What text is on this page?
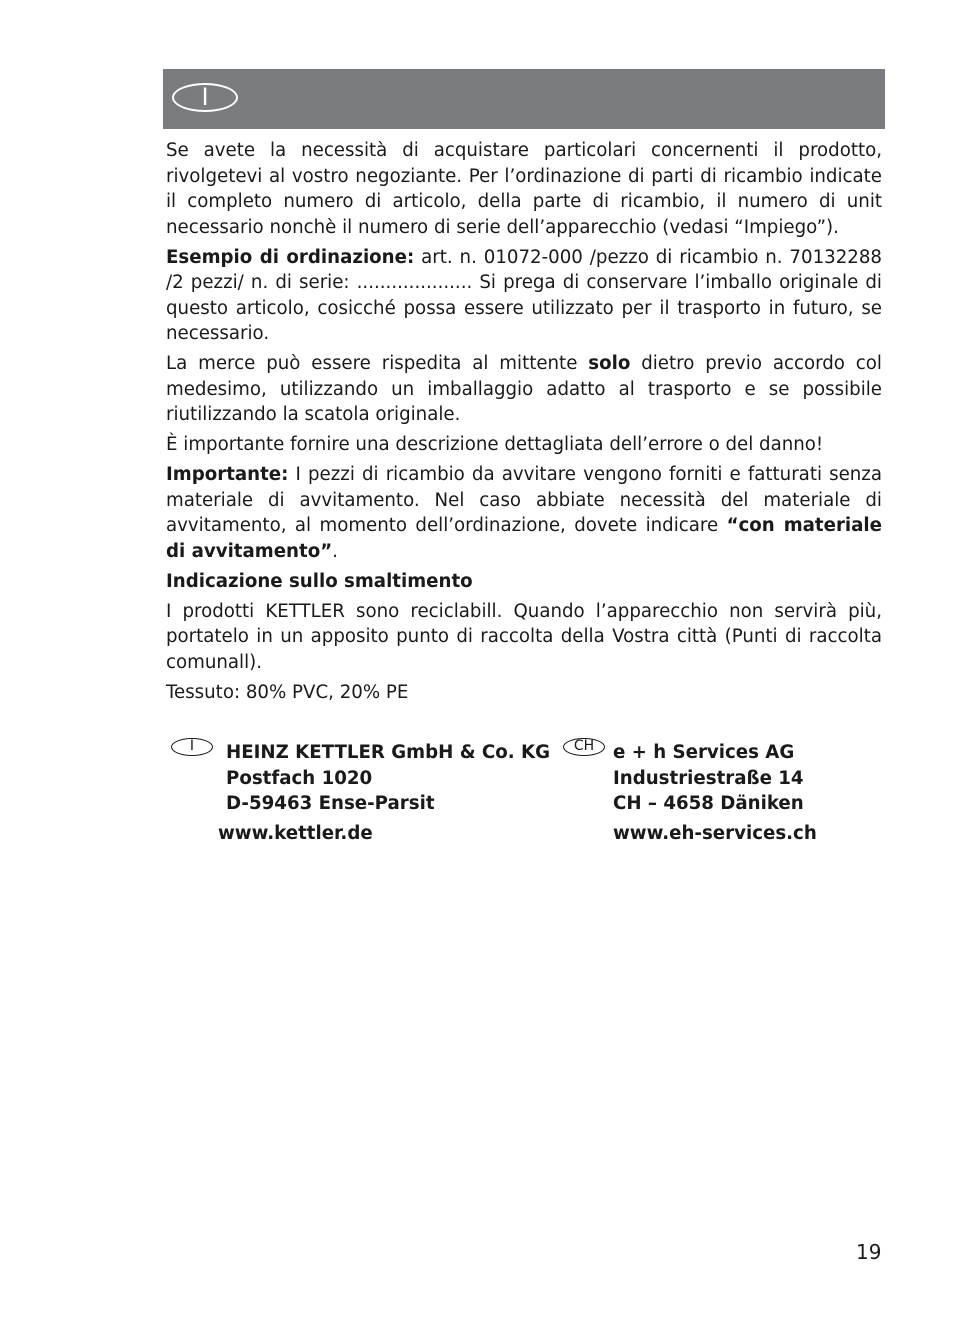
I

Se avete la necessità di acquistare particolari concernenti il prodotto, rivolgetevi al vostro negoziante. Per l’ordinazione di parti di ricambio indicate il completo numero di articolo, della parte di ricambio, il numero di unit necessario nonchè il numero di serie dell’apparecchio (vedasi “Impiego”).

Esempio di ordinazione: art. n. 01072-000 /pezzo di ricambio n. 70132288 /2 pezzi/ n. di serie: .................... Si prega di conservare l’imballo originale di questo articolo, cosicché possa essere utilizzato per il trasporto in futuro, se necessario.

La merce può essere rispedita al mittente solo dietro previo accordo col medesimo, utilizzando un imballaggio adatto al trasporto e se possibile riutilizzando la scatola originale.

È importante fornire una descrizione dettagliata dell’errore o del danno!

Importante: I pezzi di ricambio da avvitare vengono forniti e fatturati senza materiale di avvitamento. Nel caso abbiate necessità del materiale di avvitamento, al momento dell’ordinazione, dovete indicare “con materiale di avvitamento”.

Indicazione sullo smaltimento

I prodotti KETTLER sono reciclabill. Quando l’apparecchio non servirà più, portatelo in un apposito punto di raccolta della Vostra città (Punti di raccolta comunall).

Tessuto: 80% PVC, 20% PE

I	HEINZ KETTLER GmbH & Co. KG
Postfach 1020
D-59463 Ense-Parsit
www.kettler.de
CH	e + h Services AG
Industriestraße 14
CH – 4658 Däniken
www.eh-services.ch
19
